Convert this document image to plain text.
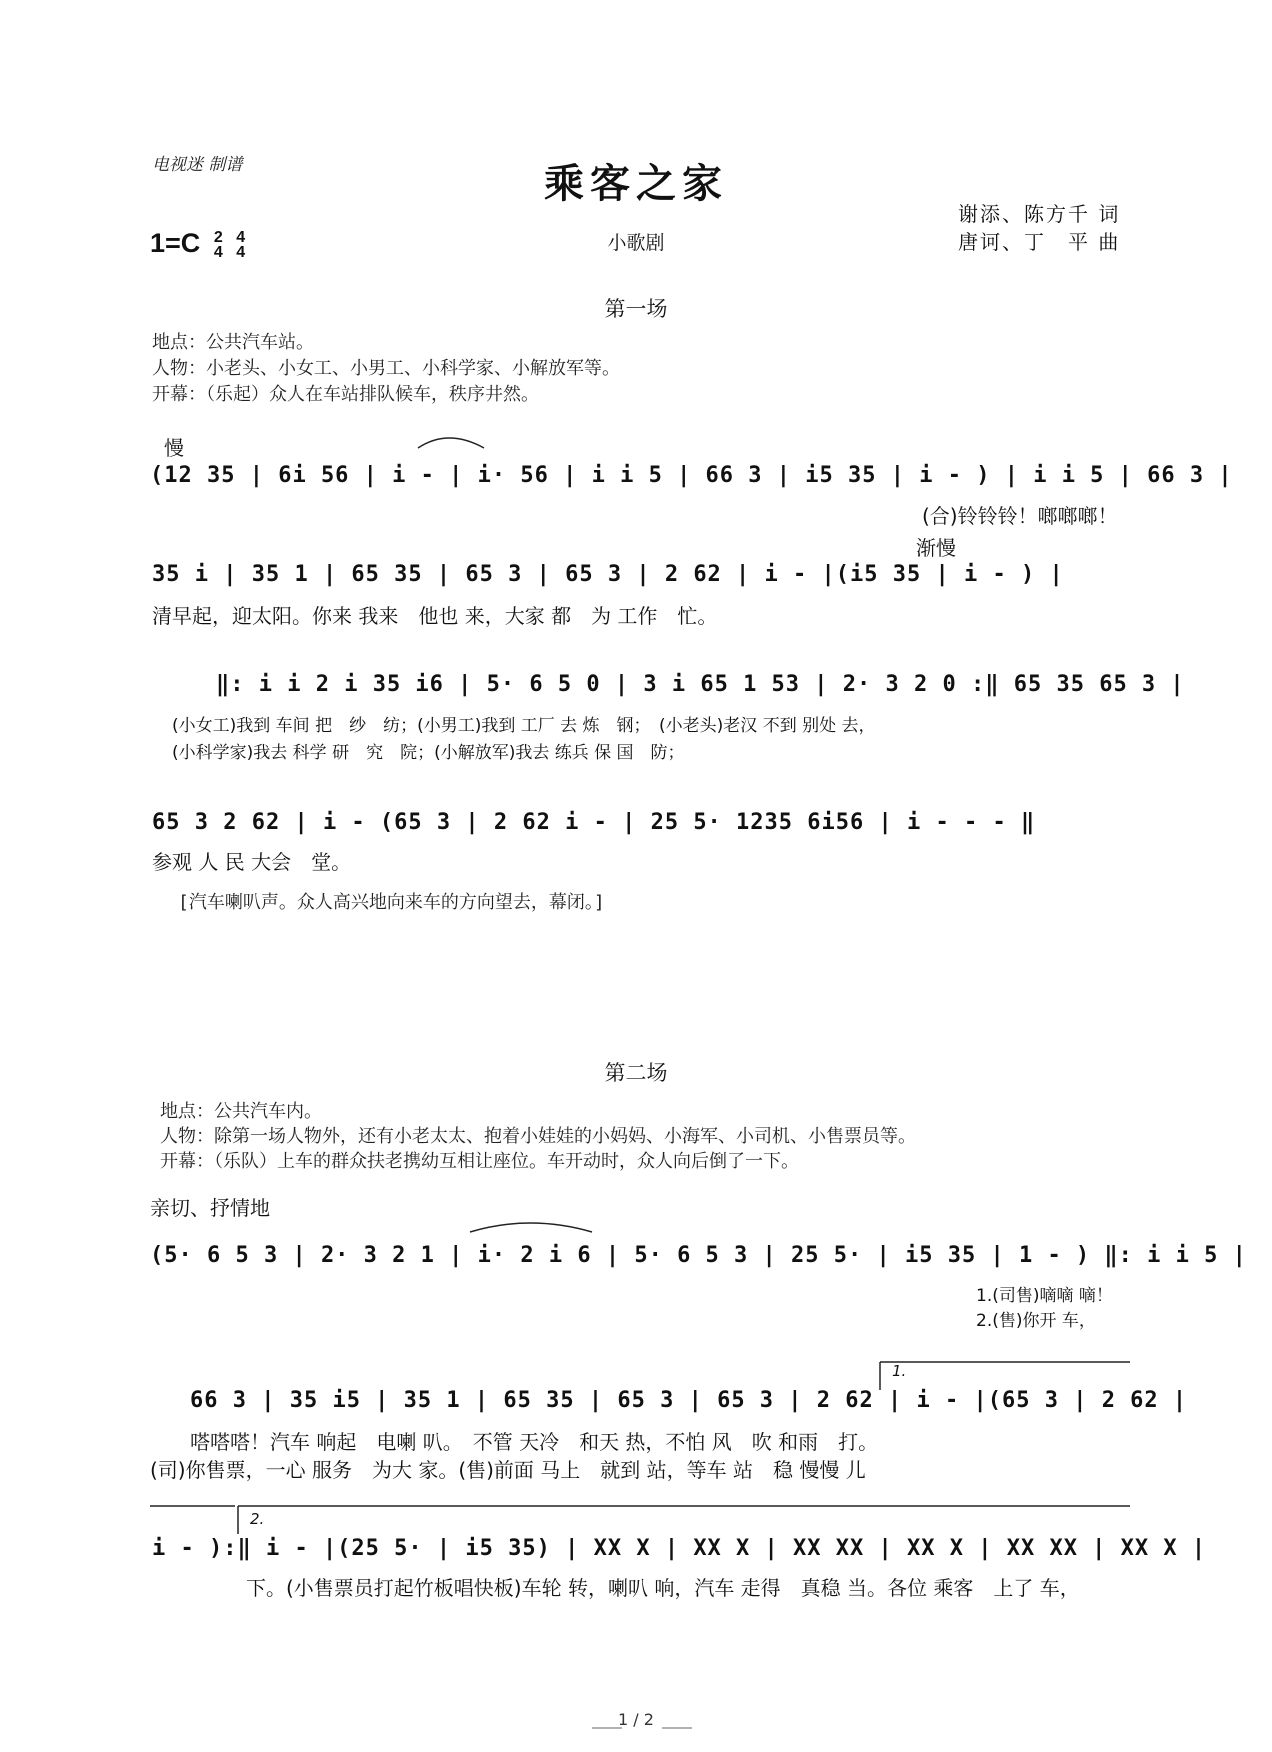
电视迷 制谱	乘客之家
1=C 2
4

4
4	小歌剧
谢添、陈方千 词
唐诃、丁　平 曲
第一场
地点：公共汽车站。
人物：小老头、小女工、小男工、小科学家、小解放军等。
开幕：（乐起）众人在车站排队候车，秩序井然。
慢
(12 35 | 6i 56 | i - | i· 56 | i i 5 | 66 3 | i5 35 | i - ) | i i 5 | 66 3 |
(合)铃铃铃！啷啷啷！
渐慢
35 i | 35 1 | 65 35 | 65 3 | 65 3 | 2 62 | i - |(i5 35 | i - ) |
清早起，迎太阳。你来 我来　他也 来，大家 都　为 工作　忙。
‖: i i 2 i 35 i6 | 5· 6 5 0 | 3 i 65 1 53 | 2· 3 2 0 :‖ 65 35 65 3 |
(小女工)我到 车间 把　纱　纺；(小男工)我到 工厂 去 炼　钢；　(小老头)老汉 不到 别处 去，
(小科学家)我去 科学 研　究　院；(小解放军)我去 练兵 保 国　防；
65 3 2 62 | i - (65 3 | 2 62 i - | 25 5· 1235 6i56 | i - - - ‖
参观 人 民 大会　堂。
[汽车喇叭声。众人高兴地向来车的方向望去，幕闭。]
第二场
地点：公共汽车内。
人物：除第一场人物外，还有小老太太、抱着小娃娃的小妈妈、小海军、小司机、小售票员等。
开幕：（乐队）上车的群众扶老携幼互相让座位。车开动时，众人向后倒了一下。
亲切、抒情地
(5· 6 5 3 | 2· 3 2 1 | i· 2 i 6 | 5· 6 5 3 | 25 5· | i5 35 | 1 - ) ‖: i i 5 |
1.(司售)嘀嘀 嘀！
2.(售)你开 车，
1.
66 3 | 35 i5 | 35 1 | 65 35 | 65 3 | 65 3 | 2 62 | i - |(65 3 | 2 62 |
嗒嗒嗒！汽车 响起　电喇 叭。　不管 天冷　和天 热，不怕 风　吹 和雨　打。
(司)你售票，一心 服务　为大 家。(售)前面 马上　就到 站，等车 站　稳 慢慢 儿
2.
i - ):‖ i - |(25 5· | i5 35) | XX X | XX X | XX XX | XX X | XX XX | XX X |
下。(小售票员打起竹板唱快板)车轮 转，喇叭 响，汽车 走得　真稳 当。各位 乘客　上了 车，
1 / 2
